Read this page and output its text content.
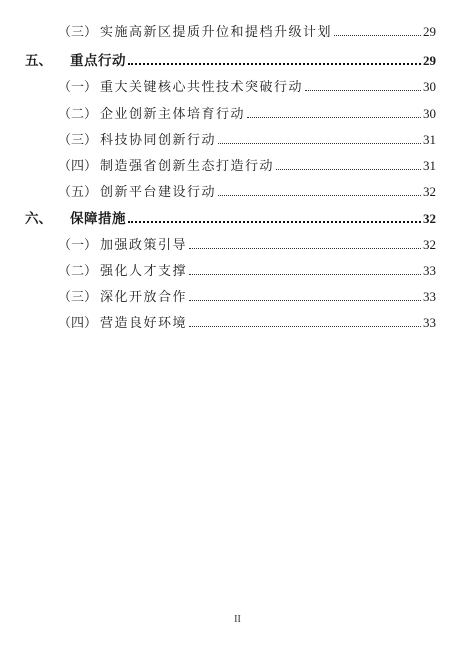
（三） 实施高新区提质升位和提档升级计划	29
五、	重点行动	29
（一） 重大关键核心共性技术突破行动	30
（二） 企业创新主体培育行动	30
（三） 科技协同创新行动	31
（四） 制造强省创新生态打造行动	31
（五） 创新平台建设行动	32
六、	保障措施	32
（一） 加强政策引导	32
（二） 强化人才支撑	33
（三） 深化开放合作	33
（四） 营造良好环境	33
II
